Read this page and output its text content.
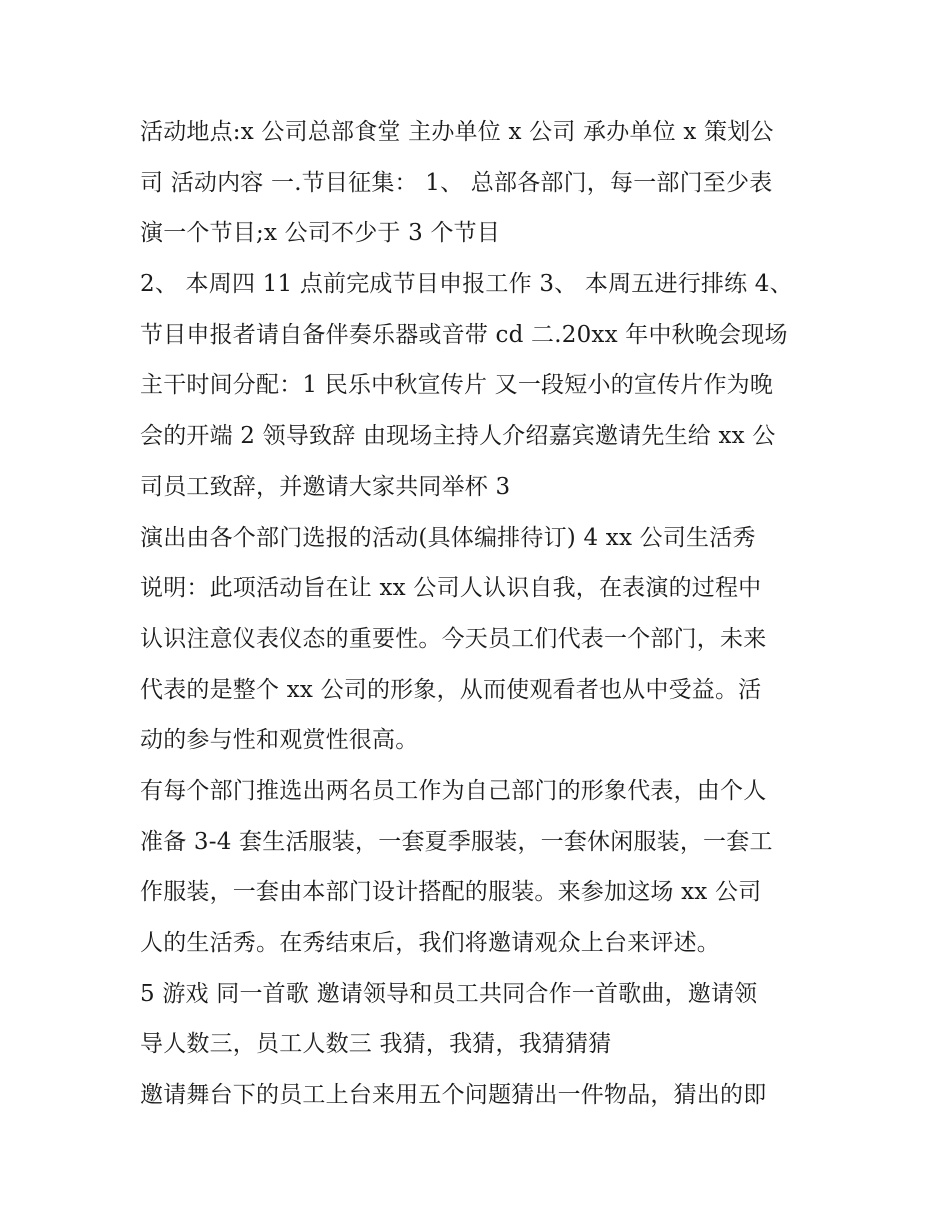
活动地点:x 公司总部食堂 主办单位 x 公司 承办单位 x 策划公
司 活动内容 一.节目征集： 1、 总部各部门，每一部门至少表
演一个节目;x 公司不少于 3 个节目
2、 本周四 11 点前完成节目申报工作 3、 本周五进行排练 4、
节目申报者请自备伴奏乐器或音带 cd 二.20xx 年中秋晚会现场
主干时间分配：1 民乐中秋宣传片 又一段短小的宣传片作为晚
会的开端 2 领导致辞 由现场主持人介绍嘉宾邀请先生给 xx 公
司员工致辞，并邀请大家共同举杯 3
演出由各个部门选报的活动(具体编排待订) 4 xx 公司生活秀
说明：此项活动旨在让 xx 公司人认识自我，在表演的过程中
认识注意仪表仪态的重要性。今天员工们代表一个部门，未来
代表的是整个 xx 公司的形象，从而使观看者也从中受益。活
动的参与性和观赏性很高。
有每个部门推选出两名员工作为自己部门的形象代表，由个人
准备 3-4 套生活服装，一套夏季服装，一套休闲服装，一套工
作服装，一套由本部门设计搭配的服装。来参加这场 xx 公司
人的生活秀。在秀结束后，我们将邀请观众上台来评述。
5 游戏 同一首歌 邀请领导和员工共同合作一首歌曲，邀请领
导人数三，员工人数三 我猜，我猜，我猜猜猜
邀请舞台下的员工上台来用五个问题猜出一件物品，猜出的即
